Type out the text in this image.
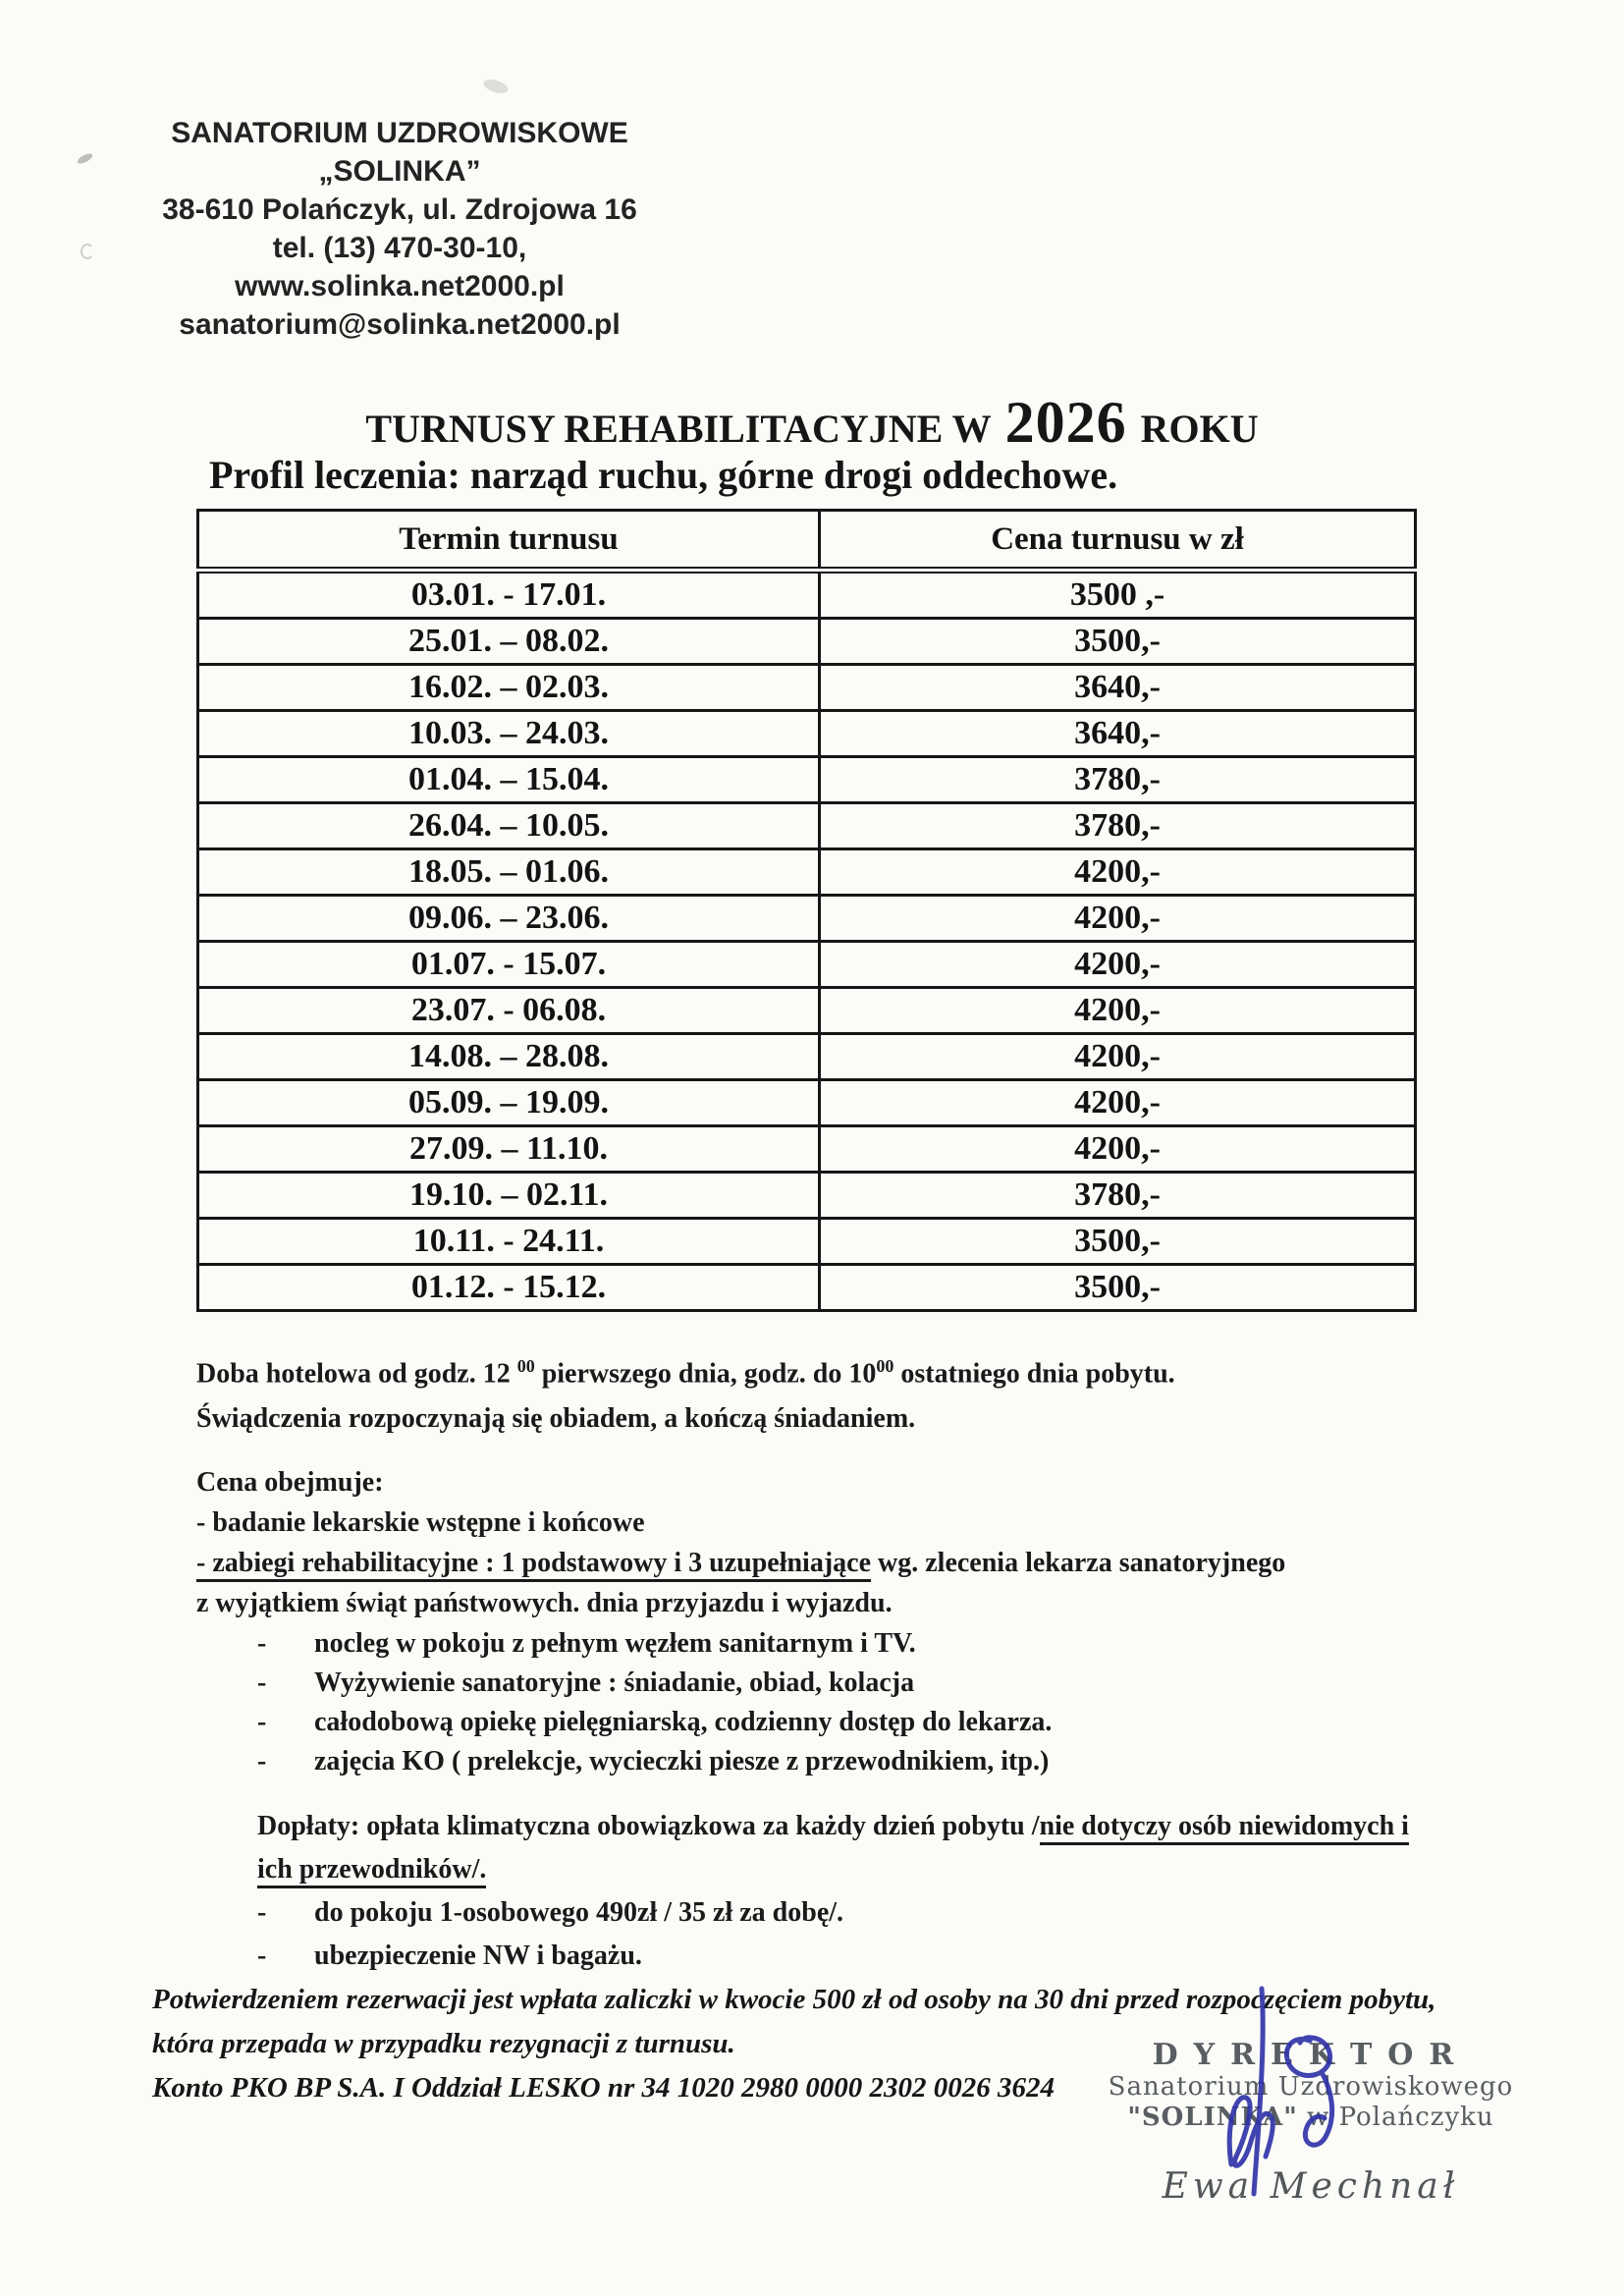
SANATORIUM UZDROWISKOWE
„SOLINKA”
38-610 Polańczyk, ul. Zdrojowa 16
tel. (13) 470-30-10,
www.solinka.net2000.pl
sanatorium@solinka.net2000.pl
TURNUSY REHABILITACYJNE W 2026 ROKU
Profil leczenia: narząd ruchu, górne drogi oddechowe.
Termin turnusu	Cena turnusu w zł
03.01. - 17.01.	3500 ,-
25.01. – 08.02.	3500,-
16.02. – 02.03.	3640,-
10.03. – 24.03.	3640,-
01.04. – 15.04.	3780,-
26.04. – 10.05.	3780,-
18.05. – 01.06.	4200,-
09.06. – 23.06.	4200,-
01.07. - 15.07.	4200,-
23.07. - 06.08.	4200,-
14.08. – 28.08.	4200,-
05.09. – 19.09.	4200,-
27.09. – 11.10.	4200,-
19.10. – 02.11.	3780,-
10.11. - 24.11.	3500,-
01.12. - 15.12.	3500,-
Doba hotelowa od godz. 12 $^{00}$ pierwszego dnia, godz. do $10^{00}$ ostatniego dnia pobytu.
Świądczenia rozpoczynają się obiadem, a kończą śniadaniem.

Cena obejmuje:

- badanie lekarskie wstępne i końcowe

- zabiegi rehabilitacyjne : 1 podstawowy i 3 uzupełniające wg. zlecenia lekarza sanatoryjnego

z wyjątkiem świąt państwowych. dnia przyjazdu i wyjazdu.

-	nocleg w pokoju z pełnym węzłem sanitarnym i TV.
-	Wyżywienie sanatoryjne : śniadanie, obiad, kolacja
-	całodobową opiekę pielęgniarską, codzienny dostęp do lekarza.
-	zajęcia KO ( prelekcje, wycieczki piesze z przewodnikiem, itp.)

Dopłaty: opłata klimatyczna obowiązkowa za każdy dzień pobytu /nie dotyczy osób niewidomych i

ich przewodników/.

-	do pokoju 1-osobowego 490zł / 35 zł za dobę/.
-	ubezpieczenie NW i bagażu.
Potwierdzeniem rezerwacji jest wpłata zaliczki w kwocie 500 zł od osoby na 30 dni przed rozpoczęciem pobytu,
która przepada w przypadku rezygnacji z turnusu.
Konto PKO BP S.A. I Oddział LESKO nr 34 1020 2980 0000 2302 0026 3624
DYREKTOR
Sanatorium Uzdrowiskowego
"SOLINKA" w Polańczyku
Ewa Mechnał
